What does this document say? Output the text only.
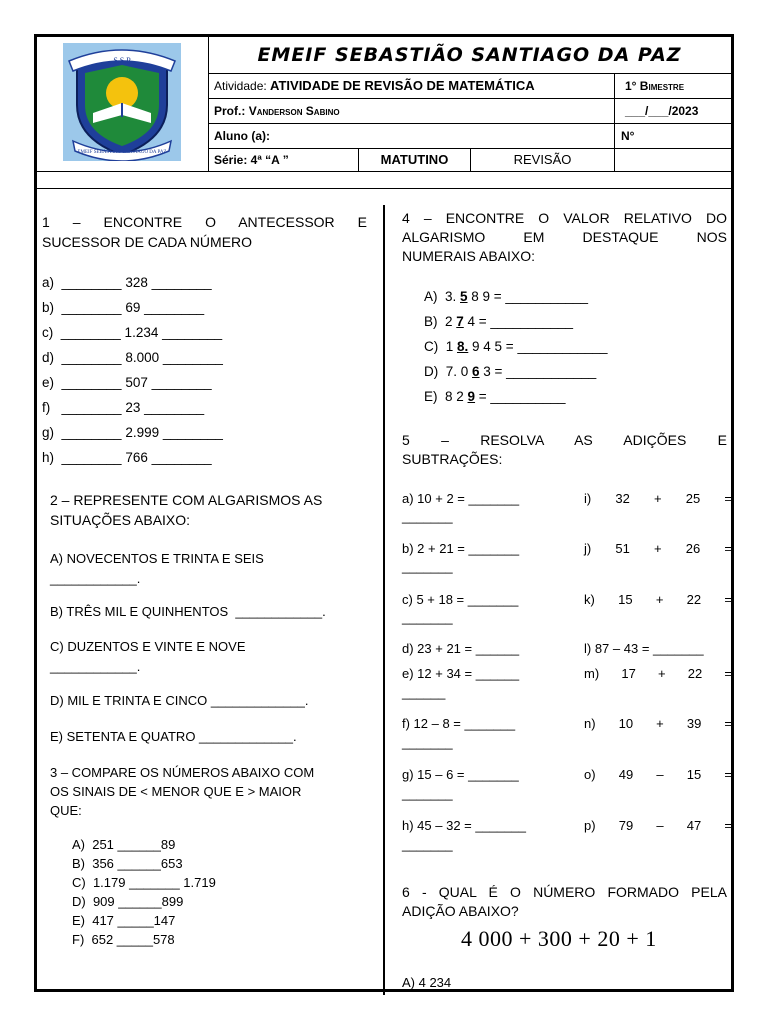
S.S.P
EMEIF SEBASTIÃO SANTIAGO DA PAZ
EMEIF SEBASTIÃO SANTIAGO DA PAZ
Atividade: ATIVIDADE DE REVISÃO DE MATEMÁTICA	1° Bimestre
Prof.: Vanderson Sabino	___/___/2023
Aluno (a):	N°
Série: 4ª “A ”	MATUTINO	REVISÃO
1 – ENCONTRE O ANTECESSOR E
SUCESSOR DE CADA NÚMERO
a)  ________ 328 ________
b)  ________ 69 ________
c)  ________ 1.234 ________
d)  ________ 8.000 ________
e)  ________ 507 ________
f)   ________ 23 ________
g)  ________ 2.999 ________
h)  ________ 766 ________
2 – REPRESENTE COM ALGARISMOS AS
SITUAÇÕES ABAIXO:
A) NOVECENTOS E TRINTA E SEIS
____________.
B) TRÊS MIL E QUINHENTOS  ____________.
C) DUZENTOS E VINTE E NOVE
____________.
D) MIL E TRINTA E CINCO _____________.
E) SETENTA E QUATRO _____________.
3 – COMPARE OS NÚMEROS ABAIXO COM
OS SINAIS DE < MENOR QUE E > MAIOR
QUE:
A)  251 ______89
B)  356 ______653
C)  1.179 _______ 1.719
D)  909 ______899
E)  417 _____147
F)  652 _____578
4 – ENCONTRE O VALOR RELATIVO DO
ALGARISMO EM DESTAQUE NOS
NUMERAIS ABAIXO:
A)  3. 5 8 9 = ___________
B)  2 7 4 = ___________
C)  1 8. 9 4 5 = ____________
D)  7. 0 6 3 = ____________
E)  8 2 9 = __________
5 – RESOLVA AS ADIÇÕES E
SUBTRAÇÕES:
a) 10 + 2 = _______	i) 32 + 25 =
_______
b) 2 + 21 = _______	j) 51 + 26 =
_______
c) 5 + 18 = _______	k) 15 + 22 =
_______
d) 23 + 21 = ______	l) 87 – 43 = _______
e) 12 + 34 = ______	m) 17 + 22 =
______
f) 12 – 8 = _______	n) 10 + 39 =
_______
g) 15 – 6 = _______	o) 49 – 15 =
_______
h) 45 – 32 = _______	p) 79 – 47 =
_______
6 - QUAL É O NÚMERO FORMADO PELA
ADIÇÃO ABAIXO?
4 000 + 300 + 20 + 1
A) 4 234
